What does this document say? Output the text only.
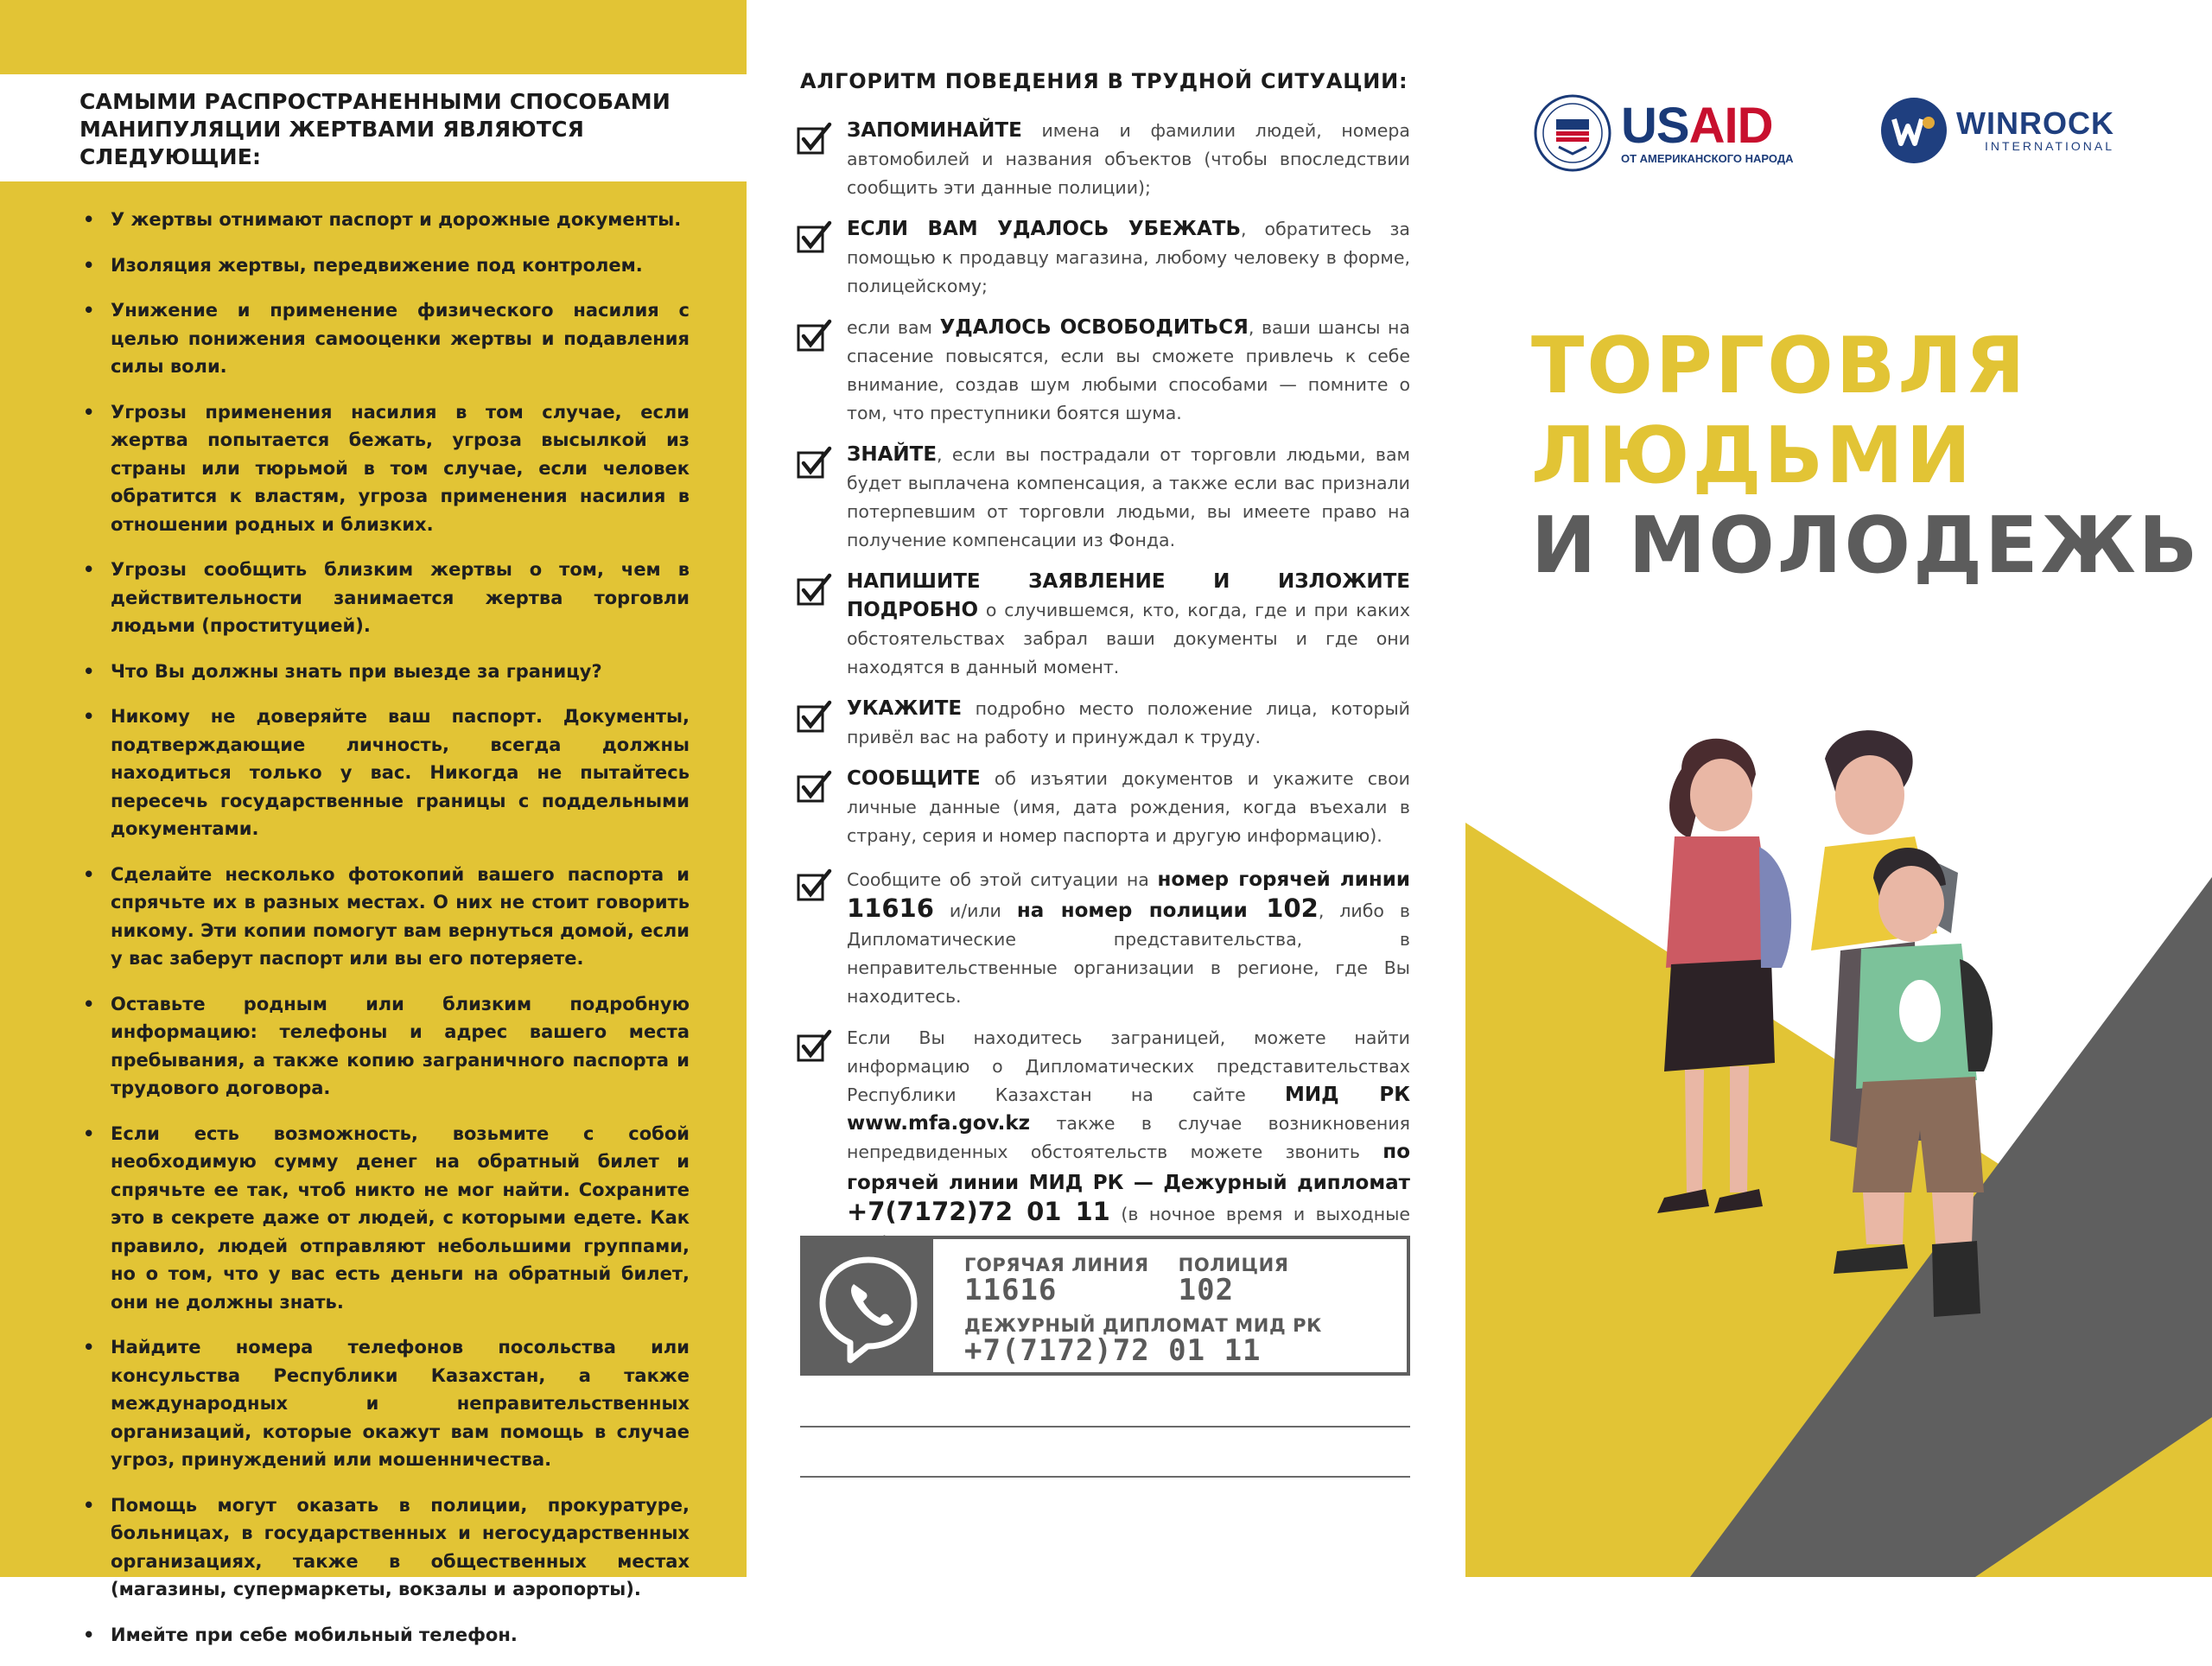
САМЫМИ РАСПРОСТРАНЕННЫМИ СПОСОБАМИ МАНИПУЛЯЦИИ ЖЕРТВАМИ ЯВЛЯЮТСЯ СЛЕДУЮЩИЕ:
• У жертвы отнимают паспорт и дорожные документы.
• Изоляция жертвы, передвижение под контролем.
• Унижение и применение физического насилия с целью понижения самооценки жертвы и подавления силы воли.
• Угрозы применения насилия в том случае, если жертва попытается бежать, угроза высылкой из страны или тюрьмой в том случае, если человек обратится к властям, угроза применения насилия в отношении родных и близких.
• Угрозы сообщить близким жертвы о том, чем в действительности занимается жертва торговли людьми (проституцией).
• Что Вы должны знать при выезде за границу?
• Никому не доверяйте ваш паспорт. Документы, подтверждающие личность, всегда должны находиться только у вас. Никогда не пытайтесь пересечь государственные границы с поддельными документами.
• Сделайте несколько фотокопий вашего паспорта и спрячьте их в разных местах. О них не стоит говорить никому. Эти копии помогут вам вернуться домой, если у вас заберут паспорт или вы его потеряете.
• Оставьте родным или близким подробную информацию: телефоны и адрес вашего места пребывания, а также копию заграничного паспорта и трудового договора.
• Если есть возможность, возьмите с собой необходимую сумму денег на обратный билет и спрячьте ее так, чтоб никто не мог найти. Сохраните это в секрете даже от людей, с которыми едете. Как правило, людей отправляют небольшими группами, но о том, что у вас есть деньги на обратный билет, они не должны знать.
• Найдите номера телефонов посольства или консульства Республики Казахстан, а также международных и неправительственных организаций, которые окажут вам помощь в случае угроз, принуждений или мошенничества.
• Помощь могут оказать в полиции, прокуратуре, больницах, в государственных и негосударственных организациях, также в общественных местах (магазины, супермаркеты, вокзалы и аэропорты).
• Имейте при себе мобильный телефон.
АЛГОРИТМ ПОВЕДЕНИЯ В ТРУДНОЙ СИТУАЦИИ:

ЗАПОМИНАЙТЕ имена и фамилии людей, номера автомобилей и названия объектов (чтобы впоследствии сообщить эти данные полиции);

ЕСЛИ ВАМ УДАЛОСЬ УБЕЖАТЬ, обратитесь за помощью к продавцу магазина, любому человеку в форме, полицейскому;

если вам УДАЛОСЬ ОСВОБОДИТЬСЯ, ваши шансы на спасение повысятся, если вы сможете привлечь к себе внимание, создав шум любыми способами — помните о том, что преступники боятся шума.

ЗНАЙТЕ, если вы пострадали от торговли людьми, вам будет выплачена компенсация, а также если вас признали потерпевшим от торговли людьми, вы имеете право на получение компенсации из Фонда.

НАПИШИТЕ ЗАЯВЛЕНИЕ И ИЗЛОЖИТЕ ПОДРОБНО о случившемся, кто, когда, где и при каких обстоятельствах забрал ваши документы и где они находятся в данный момент.

УКАЖИТЕ подробно место положение лица, который привёл вас на работу и принуждал к труду.

СООБЩИТЕ об изъятии документов и укажите свои личные данные (имя, дата рождения, когда въехали в страну, серия и номер паспорта и другую информацию).

Сообщите об этой ситуации на номер горячей линии 11616 и/или на номер полиции 102, либо в Дипломатические представительства, в неправительственные организации в регионе, где Вы находитесь.

Если Вы находитесь заграницей, можете найти информацию о Дипломатических представительствах Республики Казахстан на сайте МИД РК www.mfa.gov.kz также в случае возникновения непредвиденных обстоятельств можете звонить по горячей линии МИД РК — Дежурный дипломат +7(7172)72 01 11 (в ночное время и выходные

ГОРЯЧАЯ ЛИНИЯ
11616
ПОЛИЦИЯ
102
ДЕЖУРНЫЙ ДИПЛОМАТ МИД РК
+7(7172)72 01 11
USAID
ОТ АМЕРИКАНСКОГО НАРОДА
WINROCK
INTERNATIONAL
ТОРГОВЛЯ
ЛЮДЬМИ
И МОЛОДЕЖЬ
